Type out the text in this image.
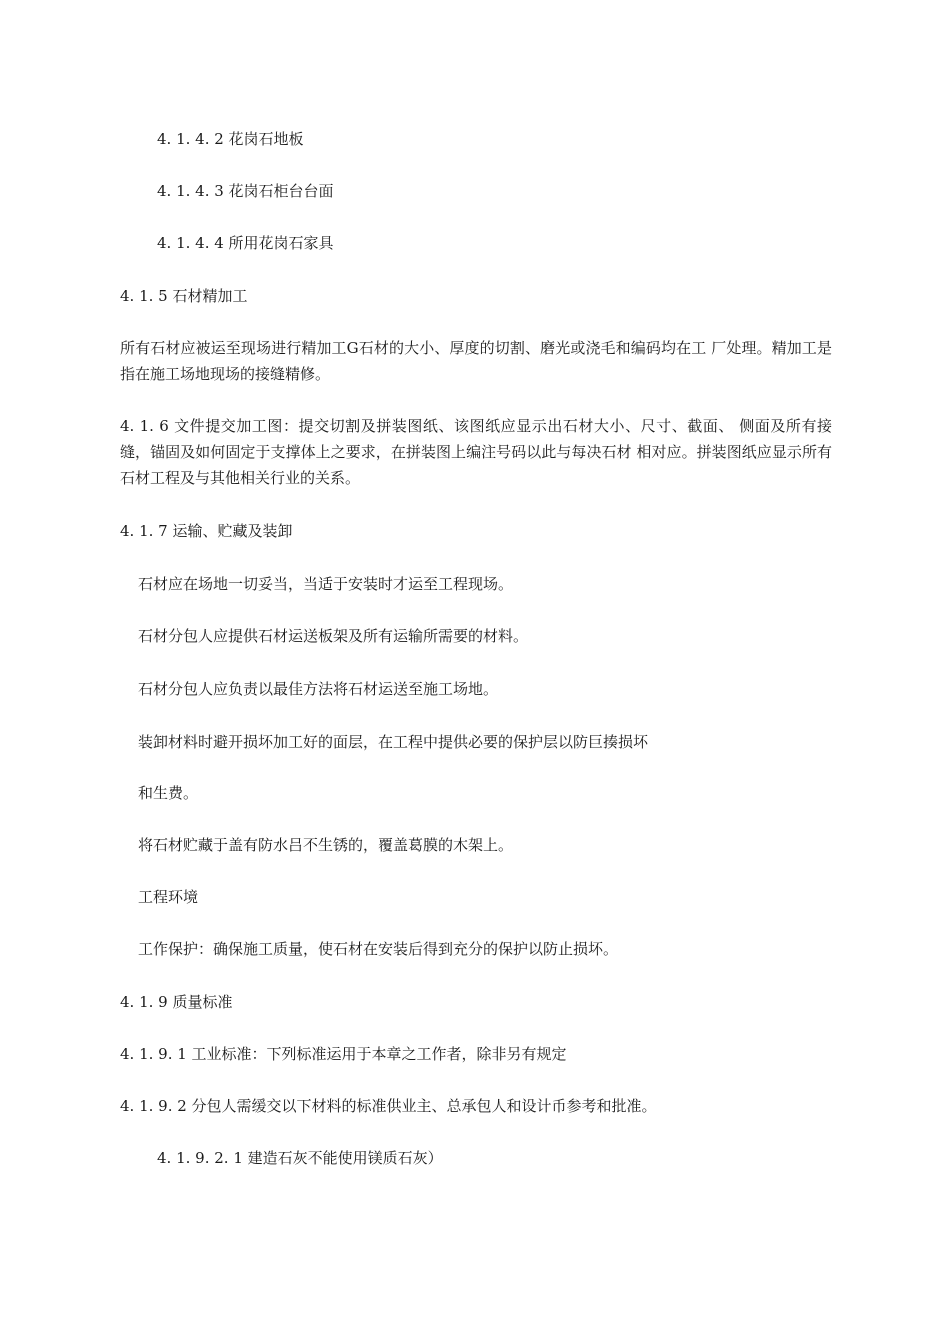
4. 1. 4. 2 花岗石地板
4. 1. 4. 3 花岗石柜台台面
4. 1. 4. 4 所用花岗石家具
4. 1. 5 石材精加工
所有石材应被运至现场进行精加工G石材的大小、厚度的切割、磨光或浇毛和编码均在工 厂处理。精加工是指在施工场地现场的接缝精修。
4. 1. 6 文件提交加工图：提交切割及拼装图纸、该图纸应显示出石材大小、尺寸、截面、 侧面及所有接缝，锚固及如何固定于支撑体上之要求，在拼装图上编注号码以此与每决石材 相对应。拼装图纸应显示所有石材工程及与其他相关行业的关系。
4. 1. 7 运输、贮藏及装卸
石材应在场地一切妥当，当适于安装时才运至工程现场。
石材分包人应提供石材运送板架及所有运输所需要的材料。
石材分包人应负责以最佳方法将石材运送至施工场地。
装卸材料时避开损坏加工好的面层，在工程中提供必要的保护层以防巨揍损坏
和生费。
将石材贮藏于盖有防水吕不生锈的，覆盖葛膜的木架上。
工程环境
工作保护：确保施工质量，使石材在安装后得到充分的保护以防止损坏。
4. 1. 9 质量标准
4. 1. 9. 1 工业标准：下列标准运用于本章之工作者，除非另有规定
4. 1. 9. 2 分包人需缓交以下材料的标准供业主、总承包人和设计币参考和批准。
4. 1. 9. 2. 1 建造石灰不能使用镁质石灰）
